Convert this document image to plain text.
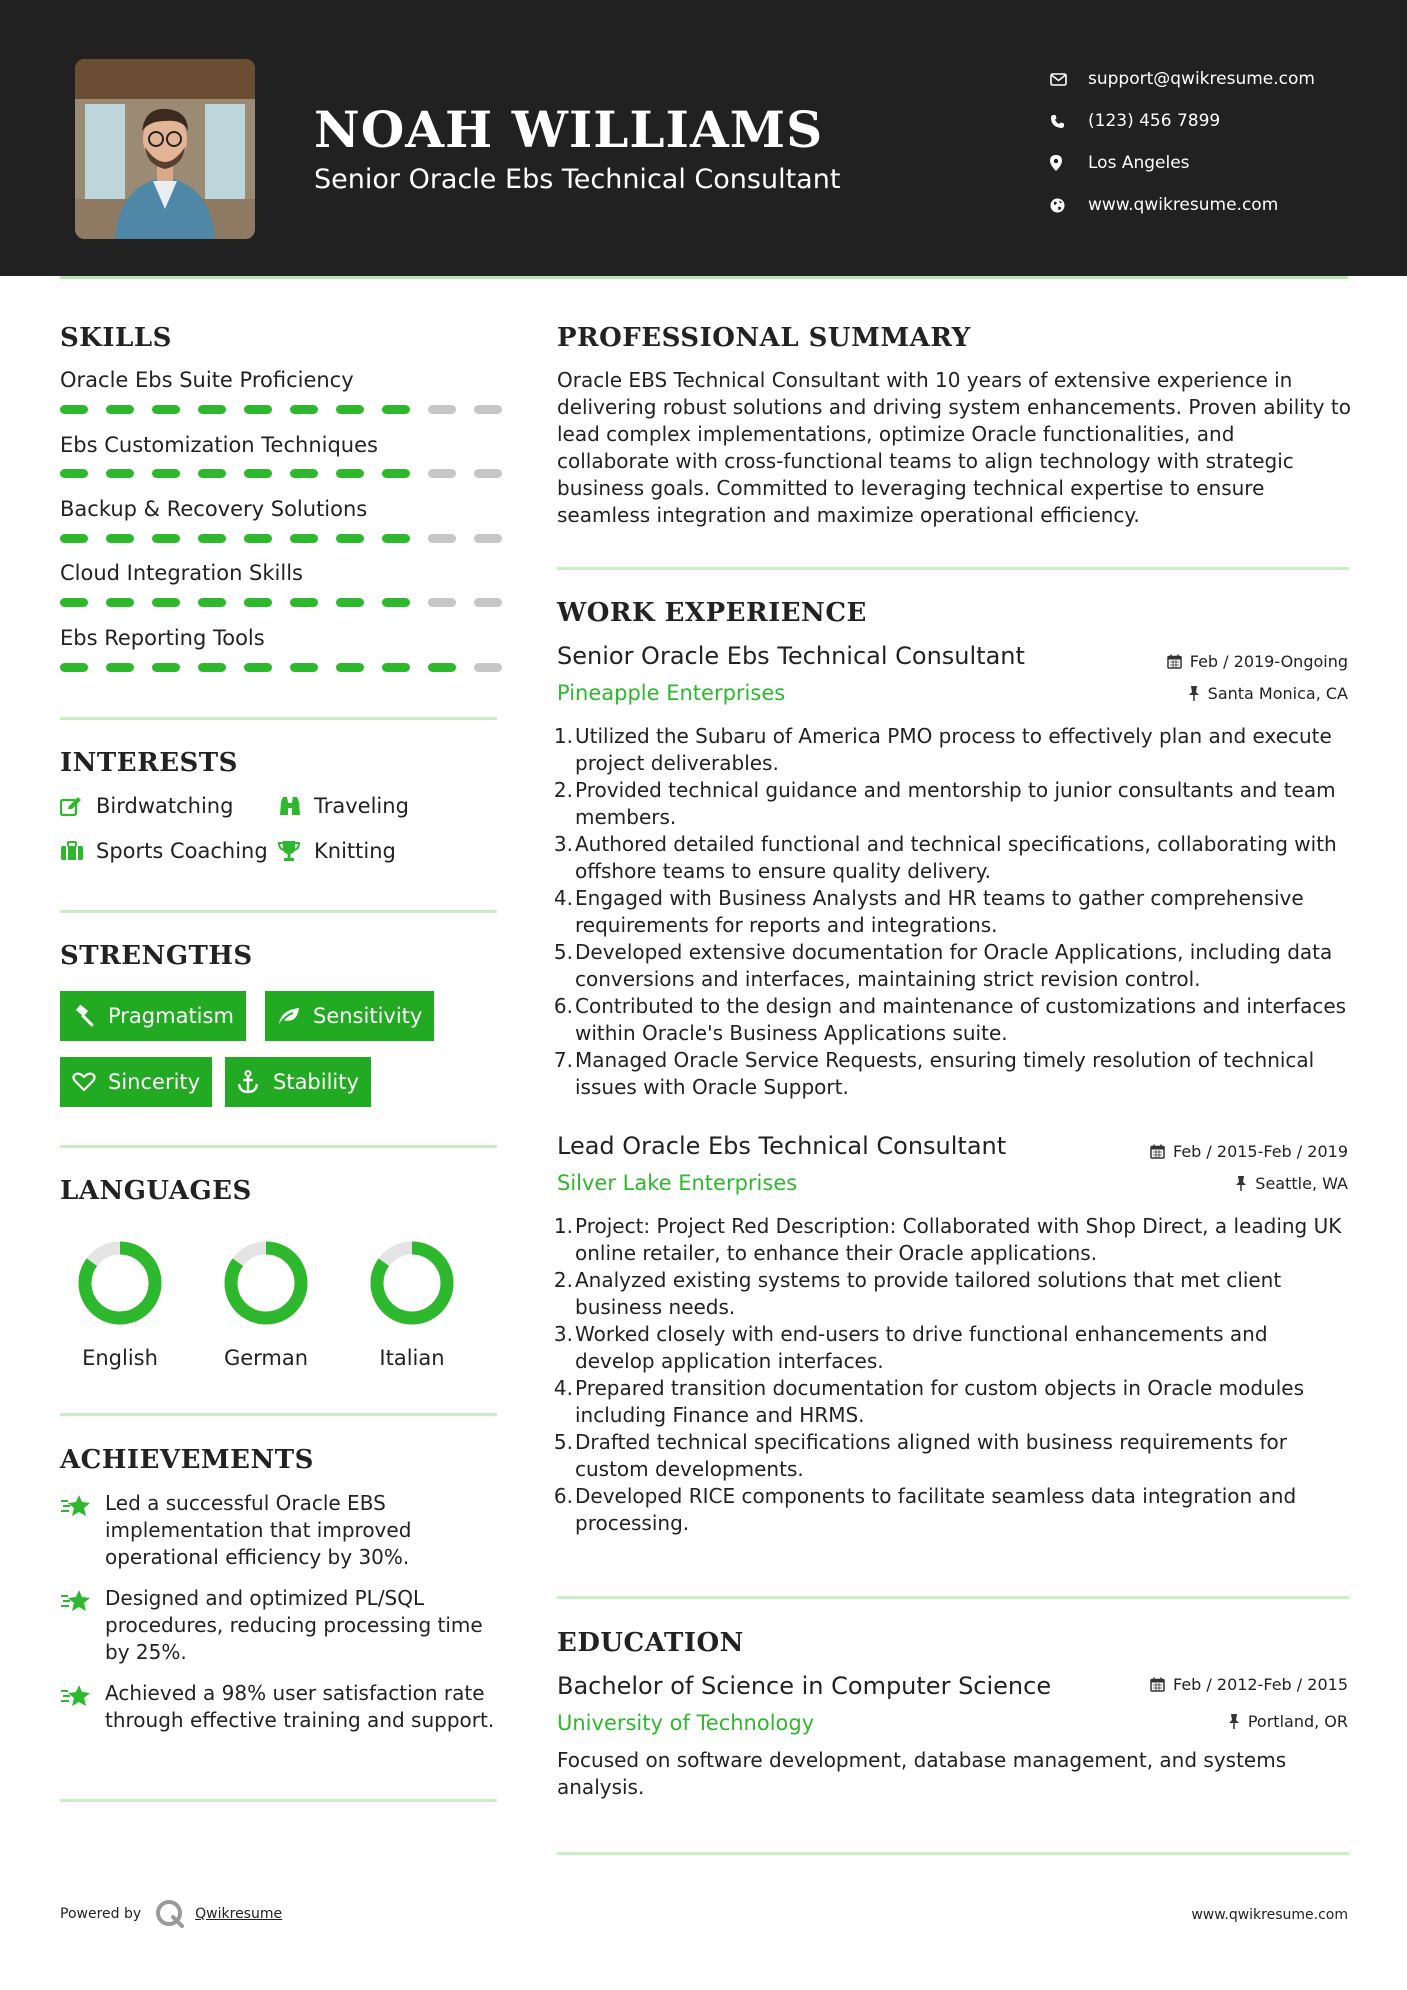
NOAH WILLIAMS
Senior Oracle Ebs Technical Consultant
support@qwikresume.com
(123) 456 7899
Los Angeles
www.qwikresume.com
SKILLS
Oracle Ebs Suite Proficiency
Ebs Customization Techniques
Backup & Recovery Solutions
Cloud Integration Skills
Ebs Reporting Tools
INTERESTS
Birdwatching	Traveling
Sports Coaching Knitting
STRENGTHS
Pragmatism	Sensitivity
Sincerity	Stability
LANGUAGES
English	German	Italian
ACHIEVEMENTS
Led a successful Oracle EBS implementation that improved operational efficiency by 30%.
Designed and optimized PL/SQL procedures, reducing processing time by 25%.
Achieved a 98% user satisfaction rate through effective training and support.
PROFESSIONAL SUMMARY
Oracle EBS Technical Consultant with 10 years of extensive experience in delivering robust solutions and driving system enhancements. Proven ability to lead complex implementations, optimize Oracle functionalities, and collaborate with cross-functional teams to align technology with strategic business goals. Committed to leveraging technical expertise to ensure seamless integration and maximize operational efficiency.
WORK EXPERIENCE
Senior Oracle Ebs Technical Consultant	Feb / 2019-Ongoing
Pineapple Enterprises	Santa Monica, CA
1. Utilized the Subaru of America PMO process to effectively plan and execute project deliverables.
2. Provided technical guidance and mentorship to junior consultants and team members.
3. Authored detailed functional and technical specifications, collaborating with offshore teams to ensure quality delivery.
4. Engaged with Business Analysts and HR teams to gather comprehensive requirements for reports and integrations.
5. Developed extensive documentation for Oracle Applications, including data conversions and interfaces, maintaining strict revision control.
6. Contributed to the design and maintenance of customizations and interfaces within Oracle's Business Applications suite.
7. Managed Oracle Service Requests, ensuring timely resolution of technical issues with Oracle Support.
Lead Oracle Ebs Technical Consultant	Feb / 2015-Feb / 2019
Silver Lake Enterprises	Seattle, WA
1. Project: Project Red Description: Collaborated with Shop Direct, a leading UK online retailer, to enhance their Oracle applications.
2. Analyzed existing systems to provide tailored solutions that met client business needs.
3. Worked closely with end-users to drive functional enhancements and develop application interfaces.
4. Prepared transition documentation for custom objects in Oracle modules including Finance and HRMS.
5. Drafted technical specifications aligned with business requirements for custom developments.
6. Developed RICE components to facilitate seamless data integration and processing.
EDUCATION
Bachelor of Science in Computer Science	Feb / 2012-Feb / 2015
University of Technology	Portland, OR
Focused on software development, database management, and systems analysis.
Powered by	Qwikresume	www.qwikresume.com
